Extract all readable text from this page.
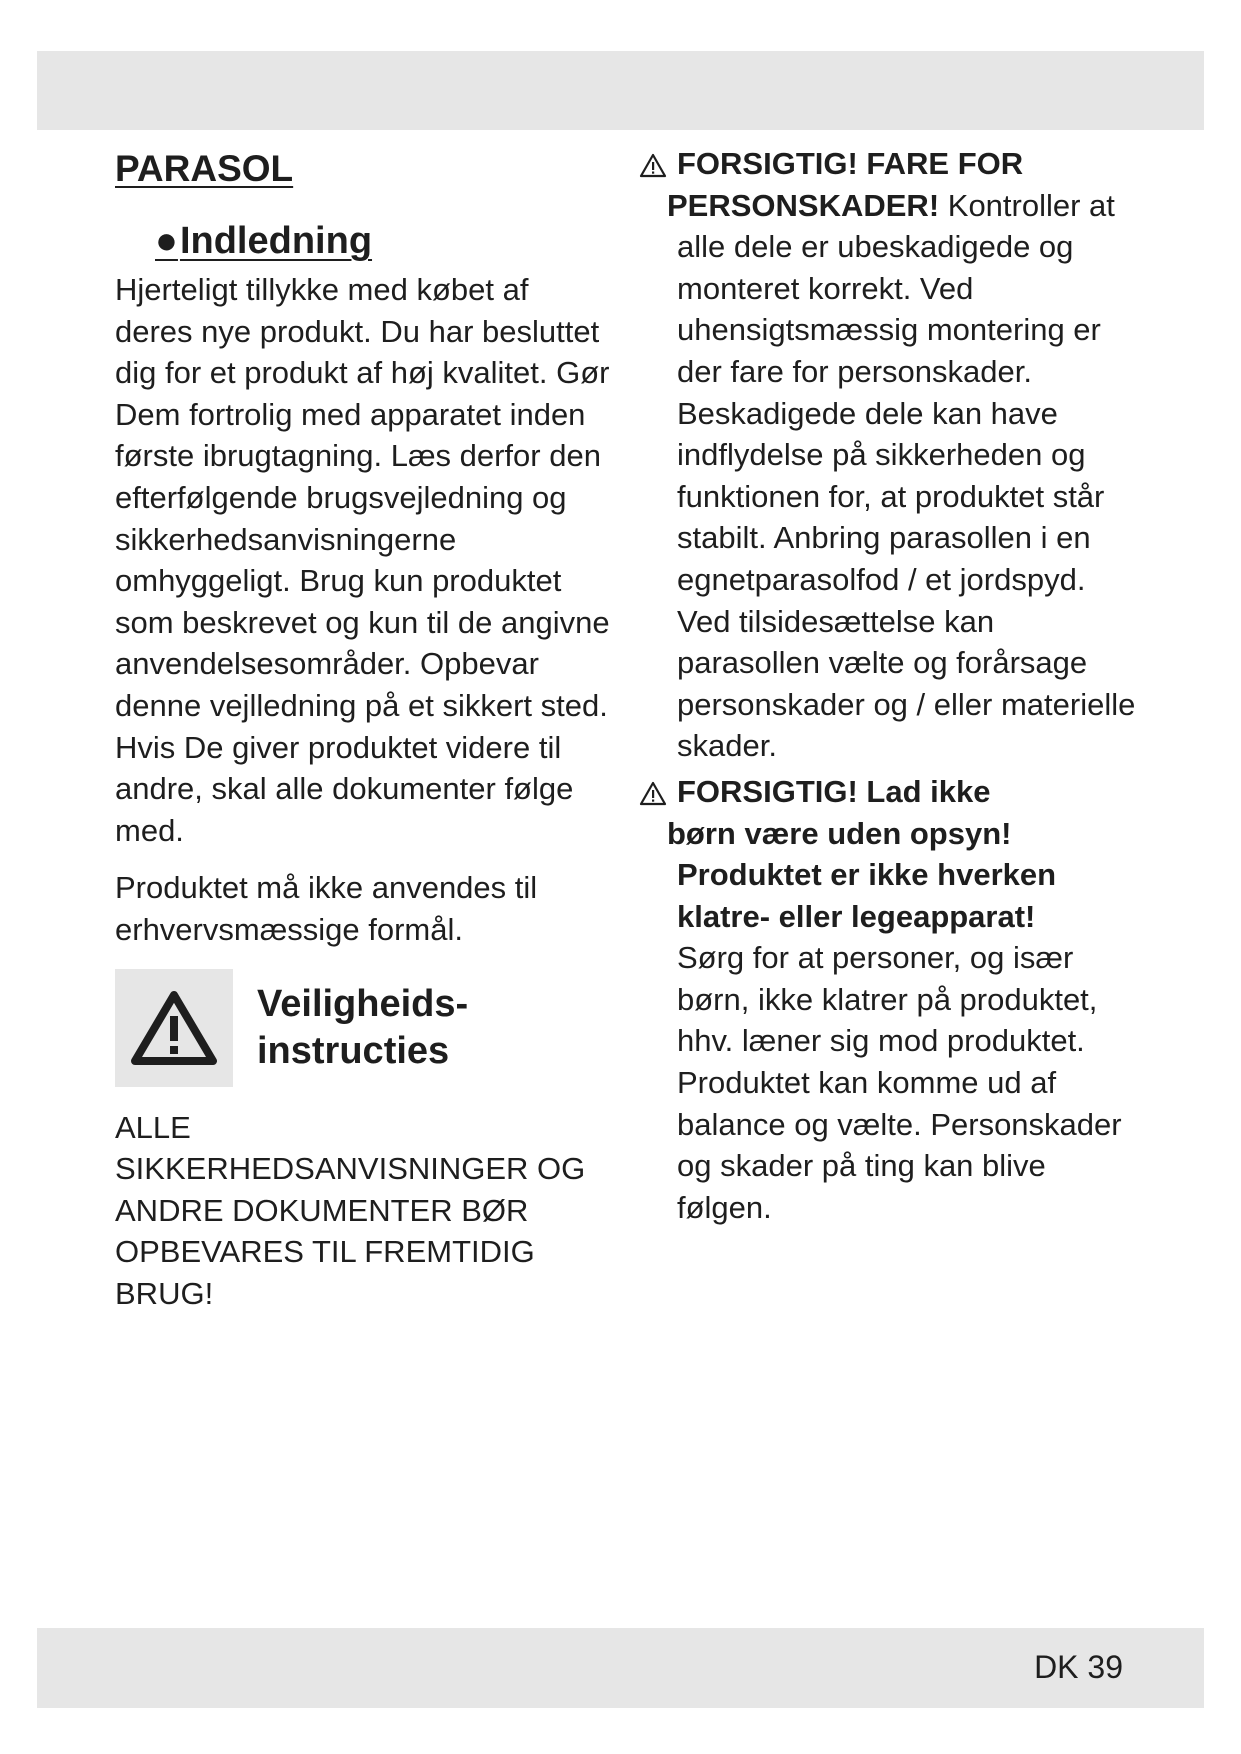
PARASOL
●Indledning

Hjerteligt tillykke med købet af deres nye produkt. Du har besluttet dig for et produkt af høj kvalitet. Gør Dem fortrolig med apparatet inden første ibrugtagning. Læs derfor den efterfølgende brugsvejledning og sikkerhedsanvisningerne omhyggeligt. Brug kun produktet som beskrevet og kun til de angivne anvendelsesområder. Opbevar denne vejlledning på et sikkert sted. Hvis De giver produktet videre til andre, skal alle dokumenter følge med.

Produktet må ikke anvendes til erhvervsmæssige formål.

Veiligheids-
instructies

ALLE SIKKERHEDSANVISNINGER OG ANDRE DOKUMENTER BØR OPBEVARES TIL FREMTIDIG BRUG!

FORSIGTIG! FARE FOR
PERSONSKADER! Kontroller at alle dele er ubeskadigede og monteret korrekt. Ved uhensigtsmæssig montering er der fare for personskader. Beskadigede dele kan have indflydelse på sikkerheden og funktionen for, at produktet står stabilt. Anbring parasollen i en egnetparasolfod / et jordspyd. Ved tilsidesættelse kan parasollen vælte og forårsage personskader og / eller materielle skader.
FORSIGTIG! Lad ikke
børn være uden opsyn! Produktet er ikke hverken klatre- eller legeapparat!
Sørg for at personer, og især børn, ikke klatrer på produktet, hhv. læner sig mod produktet. Produktet kan komme ud af balance og vælte. Personskader og skader på ting kan blive følgen.
DK 39
